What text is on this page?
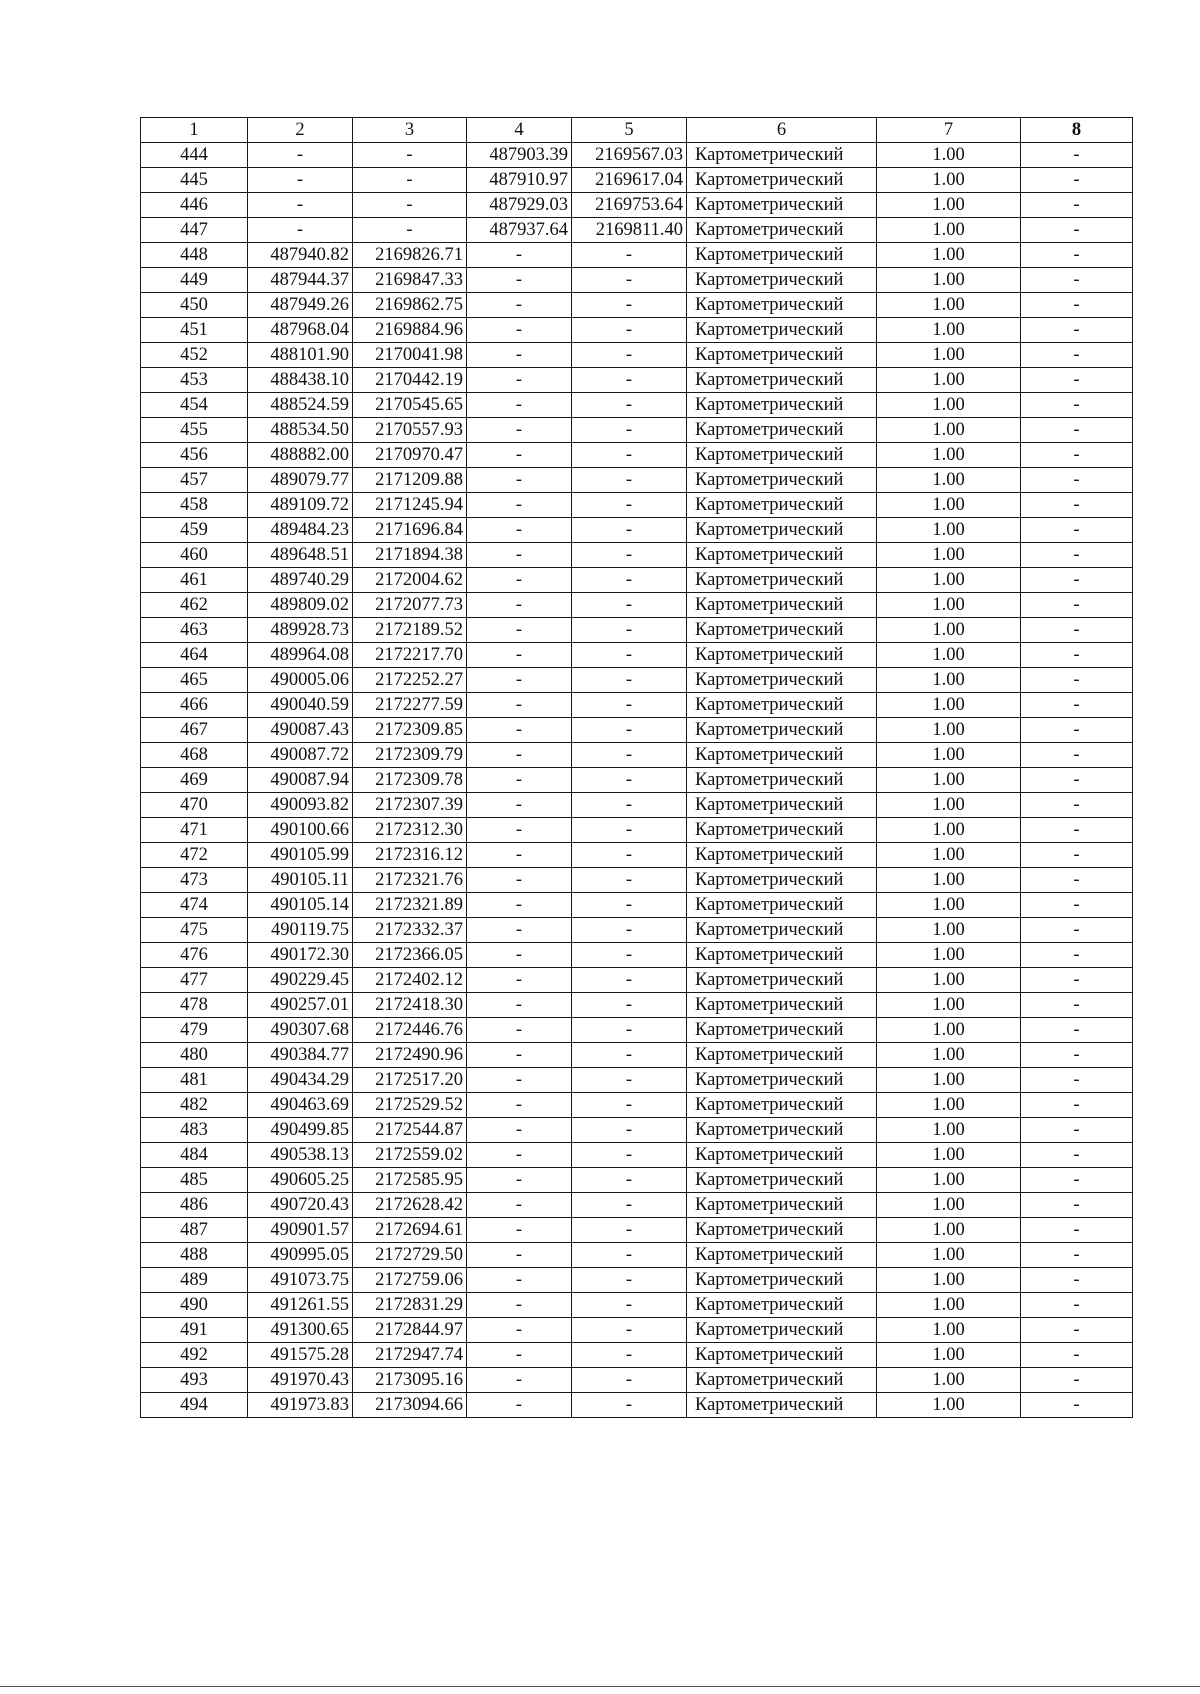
1	2	3	4	5	6	7	8
444	-	-	487903.39	2169567.03	Картометрический	1.00	-
445	-	-	487910.97	2169617.04	Картометрический	1.00	-
446	-	-	487929.03	2169753.64	Картометрический	1.00	-
447	-	-	487937.64	2169811.40	Картометрический	1.00	-
448	487940.82	2169826.71	-	-	Картометрический	1.00	-
449	487944.37	2169847.33	-	-	Картометрический	1.00	-
450	487949.26	2169862.75	-	-	Картометрический	1.00	-
451	487968.04	2169884.96	-	-	Картометрический	1.00	-
452	488101.90	2170041.98	-	-	Картометрический	1.00	-
453	488438.10	2170442.19	-	-	Картометрический	1.00	-
454	488524.59	2170545.65	-	-	Картометрический	1.00	-
455	488534.50	2170557.93	-	-	Картометрический	1.00	-
456	488882.00	2170970.47	-	-	Картометрический	1.00	-
457	489079.77	2171209.88	-	-	Картометрический	1.00	-
458	489109.72	2171245.94	-	-	Картометрический	1.00	-
459	489484.23	2171696.84	-	-	Картометрический	1.00	-
460	489648.51	2171894.38	-	-	Картометрический	1.00	-
461	489740.29	2172004.62	-	-	Картометрический	1.00	-
462	489809.02	2172077.73	-	-	Картометрический	1.00	-
463	489928.73	2172189.52	-	-	Картометрический	1.00	-
464	489964.08	2172217.70	-	-	Картометрический	1.00	-
465	490005.06	2172252.27	-	-	Картометрический	1.00	-
466	490040.59	2172277.59	-	-	Картометрический	1.00	-
467	490087.43	2172309.85	-	-	Картометрический	1.00	-
468	490087.72	2172309.79	-	-	Картометрический	1.00	-
469	490087.94	2172309.78	-	-	Картометрический	1.00	-
470	490093.82	2172307.39	-	-	Картометрический	1.00	-
471	490100.66	2172312.30	-	-	Картометрический	1.00	-
472	490105.99	2172316.12	-	-	Картометрический	1.00	-
473	490105.11	2172321.76	-	-	Картометрический	1.00	-
474	490105.14	2172321.89	-	-	Картометрический	1.00	-
475	490119.75	2172332.37	-	-	Картометрический	1.00	-
476	490172.30	2172366.05	-	-	Картометрический	1.00	-
477	490229.45	2172402.12	-	-	Картометрический	1.00	-
478	490257.01	2172418.30	-	-	Картометрический	1.00	-
479	490307.68	2172446.76	-	-	Картометрический	1.00	-
480	490384.77	2172490.96	-	-	Картометрический	1.00	-
481	490434.29	2172517.20	-	-	Картометрический	1.00	-
482	490463.69	2172529.52	-	-	Картометрический	1.00	-
483	490499.85	2172544.87	-	-	Картометрический	1.00	-
484	490538.13	2172559.02	-	-	Картометрический	1.00	-
485	490605.25	2172585.95	-	-	Картометрический	1.00	-
486	490720.43	2172628.42	-	-	Картометрический	1.00	-
487	490901.57	2172694.61	-	-	Картометрический	1.00	-
488	490995.05	2172729.50	-	-	Картометрический	1.00	-
489	491073.75	2172759.06	-	-	Картометрический	1.00	-
490	491261.55	2172831.29	-	-	Картометрический	1.00	-
491	491300.65	2172844.97	-	-	Картометрический	1.00	-
492	491575.28	2172947.74	-	-	Картометрический	1.00	-
493	491970.43	2173095.16	-	-	Картометрический	1.00	-
494	491973.83	2173094.66	-	-	Картометрический	1.00	-
